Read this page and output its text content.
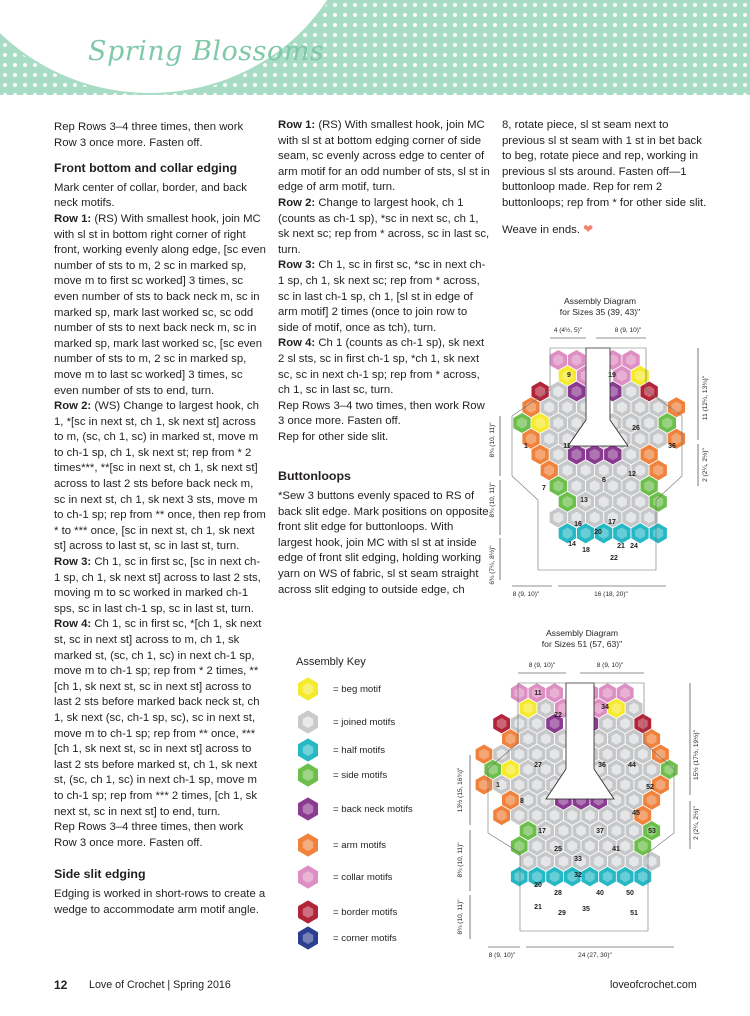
Spring Blossoms

Rep Rows 3–4 three times, then work Row 3 once more. Fasten off.

Front bottom and collar edging

Mark center of collar, border, and back neck motifs.

Row 1: (RS) With smallest hook, join MC with sl st in bottom right corner of right front, working evenly along edge, [sc even number of sts to m, 2 sc in marked sp, move m to first sc worked] 3 times, sc even number of sts to back neck m, sc in marked sp, mark last worked sc, sc odd number of sts to next back neck m, sc in marked sp, mark last worked sc, [sc even number of sts to m, 2 sc in marked sp, move m to last sc worked] 3 times, sc even number of sts to end, turn.

Row 2: (WS) Change to largest hook, ch 1, *[sc in next st, ch 1, sk next st] across to m, (sc, ch 1, sc) in marked st, move m to ch-1 sp, ch 1, sk next st; rep from * 2 times***, **[sc in next st, ch 1, sk next st] across to last 2 sts before back neck m, sc in next st, ch 1, sk next 3 sts, move m to ch-1 sp; rep from ** once, then rep from * to *** once, [sc in next st, ch 1, sk next st] across to last st, sc in last st, turn.

Row 3: Ch 1, sc in first sc, [sc in next ch-1 sp, ch 1, sk next st] across to last 2 sts, moving m to sc worked in marked ch-1 sps, sc in last ch-1 sp, sc in last st, turn.

Row 4: Ch 1, sc in first sc, *[ch 1, sk next st, sc in next st] across to m, ch 1, sk marked st, (sc, ch 1, sc) in next ch-1 sp, move m to ch-1 sp; rep from * 2 times, **[ch 1, sk next st, sc in next st] across to last 2 sts before marked back neck st, ch 1, sk next (sc, ch-1 sp, sc), sc in next st, move m to ch-1 sp; rep from ** once, ***[ch 1, sk next st, sc in next st] across to last 2 sts before marked st, ch 1, sk next st, (sc, ch 1, sc) in next ch-1 sp, move m to ch-1 sp; rep from *** 2 times, [ch 1, sk next st, sc in next st] to end, turn.

Rep Rows 3–4 three times, then work Row 3 once more. Fasten off.

Side slit edging

Edging is worked in short-rows to create a wedge to accommodate arm motif angle.

Row 1: (RS) With smallest hook, join MC with sl st at bottom edging corner of side seam, sc evenly across edge to center of arm motif for an odd number of sts, sl st in edge of arm motif, turn.

Row 2: Change to largest hook, ch 1 (counts as ch-1 sp), *sc in next sc, ch 1, sk next sc; rep from * across, sc in last sc, turn.

Row 3: Ch 1, sc in first sc, *sc in next ch-1 sp, ch 1, sk next sc; rep from * across, sc in last ch-1 sp, ch 1, [sl st in edge of arm motif] 2 times (once to join row to side of motif, once as tch), turn.

Row 4: Ch 1 (counts as ch-1 sp), sk next 2 sl sts, sc in first ch-1 sp, *ch 1, sk next sc, sc in next ch-1 sp; rep from * across, ch 1, sc in last sc, turn.

Rep Rows 3–4 two times, then work Row 3 once more. Fasten off.

Rep for other side slit.

Buttonloops

*Sew 3 buttons evenly spaced to RS of back slit edge. Mark positions on opposite front slit edge for buttonloops. With largest hook, join MC with sl st at inside edge of front slit edging, holding working yarn on WS of fabric, sl st seam straight across slit edging to outside edge, ch

8, rotate piece, sl st seam next to previous sl st seam with 1 st in bet back to beg, rotate piece and rep, working in previous sl sts around. Fasten off—1 buttonloop made. Rep for rem 2 buttonloops; rep from * for other side slit.

Weave in ends. ❤

Assembly Diagram
for Sizes 35 (39, 43)"
9	19
36
1	11
26
7
13
17
21
14
18
22
24
6
12
16
20
4 (4½, 5)"	8 (9, 10)"
8¾ (10, 11)"
8¾ (10, 11)"
6¾ (7¼, 8½)"
11 (12¼, 13¾)"
2 (2¼, 2½)"
8 (9, 10)"	16 (18, 20)"
Assembly Diagram
for Sizes 51 (57, 63)"
11
34
1
22
27	36	44
52
8
17
25
33
37
41
45
53
20
28
32
40	50
21
29
35
51
8 (9, 10)"	8 (9, 10)"
13½ (15, 16¾)"
8¾ (10, 11)"
8¾ (10, 11)"
15½ (17½, 19½)"
2 (2¼, 2½)"
8 (9, 10)"	24 (27, 30)"
Assembly Key
= beg motif
= joined motifs
= half motifs
= side motifs
= back neck motifs
= arm motifs
= collar motifs
= border motifs
= corner motifs
12 Love of Crochet | Spring 2016	loveofcrochet.com
